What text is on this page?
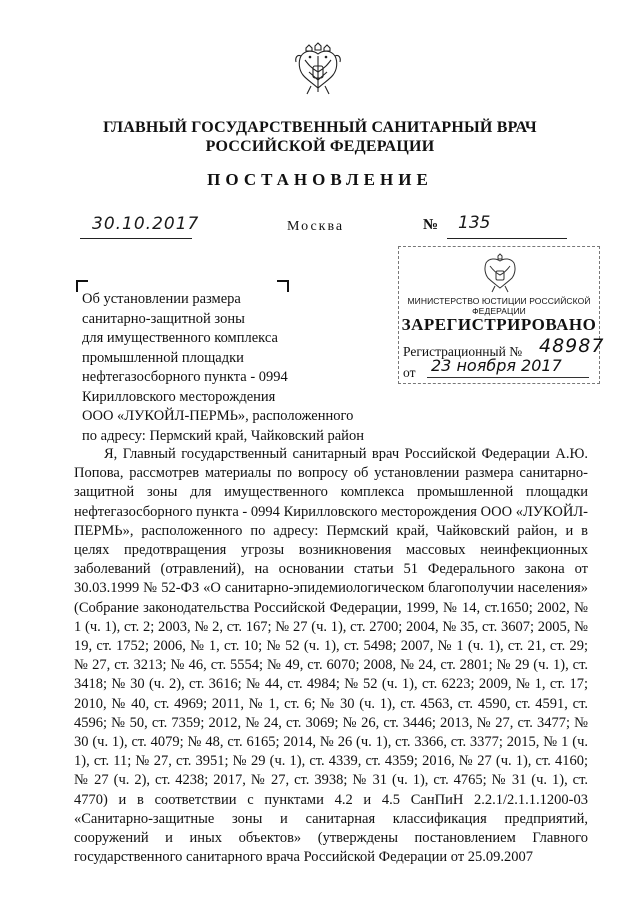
ГЛАВНЫЙ ГОСУДАРСТВЕННЫЙ САНИТАРНЫЙ ВРАЧ
РОССИЙСКОЙ ФЕДЕРАЦИИ
ПОСТАНОВЛЕНИЕ
30.10.2017	Москва	№ 135
Об установлении размера
санитарно-защитной зоны
для имущественного комплекса
промышленной площадки
нефтегазосборного пункта - 0994
Кирилловского месторождения
ООО «ЛУКОЙЛ-ПЕРМЬ», расположенного
по адресу: Пермский край, Чайковский район
МИНИСТЕРСТВО ЮСТИЦИИ РОССИЙСКОЙ ФЕДЕРАЦИИ
ЗАРЕГИСТРИРОВАНО
Регистрационный № 48987
от 23 ноября 2017
Я, Главный государственный санитарный врач Российской Федерации А.Ю. Попова, рассмотрев материалы по вопросу об установлении размера санитарно-защитной зоны для имущественного комплекса промышленной площадки нефтегазосборного пункта - 0994 Кирилловского месторождения ООО «ЛУКОЙЛ-ПЕРМЬ», расположенного по адресу: Пермский край, Чайковский район, и в целях предотвращения угрозы возникновения массовых неинфекционных заболеваний (отравлений), на основании статьи 51 Федерального закона от 30.03.1999 № 52-ФЗ «О санитарно-эпидемиологическом благополучии населения» (Собрание законодательства Российской Федерации, 1999, № 14, ст.1650; 2002, № 1 (ч. 1), ст. 2; 2003, № 2, ст. 167; № 27 (ч. 1), ст. 2700; 2004, № 35, ст. 3607; 2005, № 19, ст. 1752; 2006, № 1, ст. 10; № 52 (ч. 1), ст. 5498; 2007, № 1 (ч. 1), ст. 21, ст. 29; № 27, ст. 3213; № 46, ст. 5554; № 49, ст. 6070; 2008, № 24, ст. 2801; № 29 (ч. 1), ст. 3418; № 30 (ч. 2), ст. 3616; № 44, ст. 4984; № 52 (ч. 1), ст. 6223; 2009, № 1, ст. 17; 2010, № 40, ст. 4969; 2011, № 1, ст. 6; № 30 (ч. 1), ст. 4563, ст. 4590, ст. 4591, ст. 4596; № 50, ст. 7359; 2012, № 24, ст. 3069; № 26, ст. 3446; 2013, № 27, ст. 3477; № 30 (ч. 1), ст. 4079; № 48, ст. 6165; 2014, № 26 (ч. 1), ст. 3366, ст. 3377; 2015, № 1 (ч. 1), ст. 11; № 27, ст. 3951; № 29 (ч. 1), ст. 4339, ст. 4359; 2016, № 27 (ч. 1), ст. 4160; № 27 (ч. 2), ст. 4238; 2017, № 27, ст. 3938; № 31 (ч. 1), ст. 4765; № 31 (ч. 1), ст. 4770) и в соответствии с пунктами 4.2 и 4.5 СанПиН 2.2.1/2.1.1.1200-03 «Санитарно-защитные зоны и санитарная классификация предприятий, сооружений и иных объектов» (утверждены постановлением Главного государственного санитарного врача Российской Федерации от 25.09.2007
